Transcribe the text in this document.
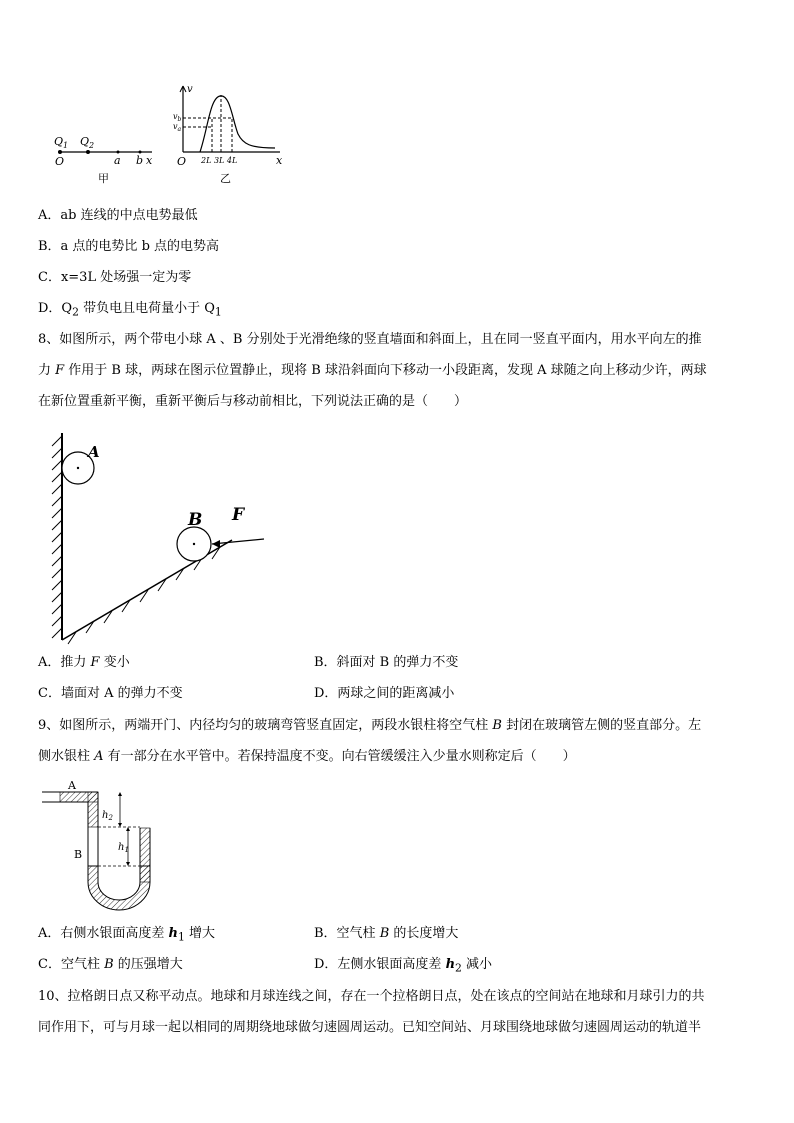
$Q_1$ $Q_2$
O	a b x
甲
v
$v_b$
$v_a$
O 2L 3L 4L	x
乙
A．ab 连线的中点电势最低
B．a 点的电势比 b 点的电势高
C．x=3L 处场强一定为零
D．$Q_2$ 带负电且电荷量小于 $Q_1$
8、如图所示，两个带电小球 A 、B 分别处于光滑绝缘的竖直墙面和斜面上，且在同一竖直平面内，用水平向左的推
力 F 作用于 B 球，两球在图示位置静止，现将 B 球沿斜面向下移动一小段距离，发现 A 球随之向上移动少许，两球
在新位置重新平衡，重新平衡后与移动前相比，下列说法正确的是（　　）
A
B F
A．推力 F 变小	B．斜面对 B 的弹力不变
C．墙面对 A 的弹力不变	D．两球之间的距离减小
9、如图所示，两端开门、内径均匀的玻璃弯管竖直固定，两段水银柱将空气柱 B 封闭在玻璃管左侧的竖直部分。左
侧水银柱 A 有一部分在水平管中。若保持温度不变。向右管缓缓注入少量水则称定后（　　）
$h_2$
$h_1$
A
B
A．右侧水银面高度差 $h_1$ 增大	B．空气柱 B 的长度增大
C．空气柱 B 的压强增大	D．左侧水银面高度差 $h_2$ 减小
10、拉格朗日点又称平动点。地球和月球连线之间，存在一个拉格朗日点，处在该点的空间站在地球和月球引力的共
同作用下，可与月球一起以相同的周期绕地球做匀速圆周运动。已知空间站、月球围绕地球做匀速圆周运动的轨道半
